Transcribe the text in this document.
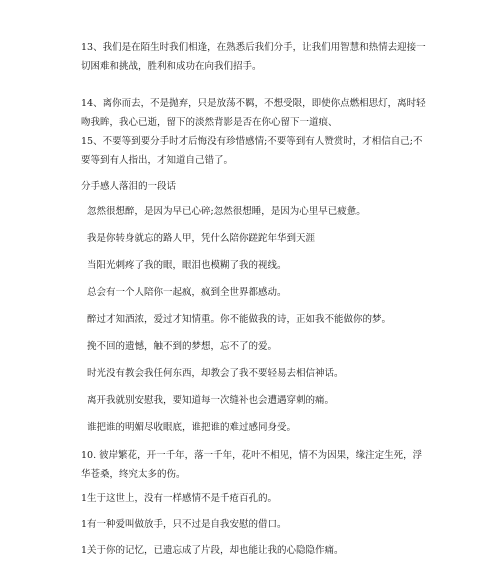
13、我们是在陌生时我们相逢，在熟悉后我们分手，让我们用智慧和热情去迎接一切困难和挑战，胜利和成功在向我们招手。

14、离你而去，不是抛弃，只是放荡不羁，不想受限，即使你点燃相思灯，离时轻吻我眸，我心已逝，留下的淡然背影是否在你心留下一道痕、

15、不要等到要分手时才后悔没有珍惜感情;不要等到有人赞赏时，才相信自己;不要等到有人指出，才知道自己错了。

分手感人落泪的一段话

忽然很想醉，是因为早已心碎;忽然很想睡，是因为心里早已疲惫。

我是你转身就忘的路人甲，凭什么陪你蹉跎年华到天涯

当阳光刺疼了我的眼，眼泪也模糊了我的视线。

总会有一个人陪你一起疯，疯到全世界都感动。

醉过才知酒浓，爱过才知情重。你不能做我的诗，正如我不能做你的梦。

挽不回的遗憾，触不到的梦想，忘不了的爱。

时光没有教会我任何东西，却教会了我不要轻易去相信神话。

离开我就别安慰我，要知道每一次缝补也会遭遇穿刺的痛。

谁把谁的明媚尽收眼底，谁把谁的难过感同身受。

10. 彼岸繁花，开一千年，落一千年，花叶不相见，情不为因果，缘注定生死，浮华苍桑，终究太多的伤。

1生于这世上，没有一样感情不是千疮百孔的。

1有一种爱叫做放手，只不过是自我安慰的借口。

1关于你的记忆，已遗忘成了片段，却也能让我的心隐隐作痛。
